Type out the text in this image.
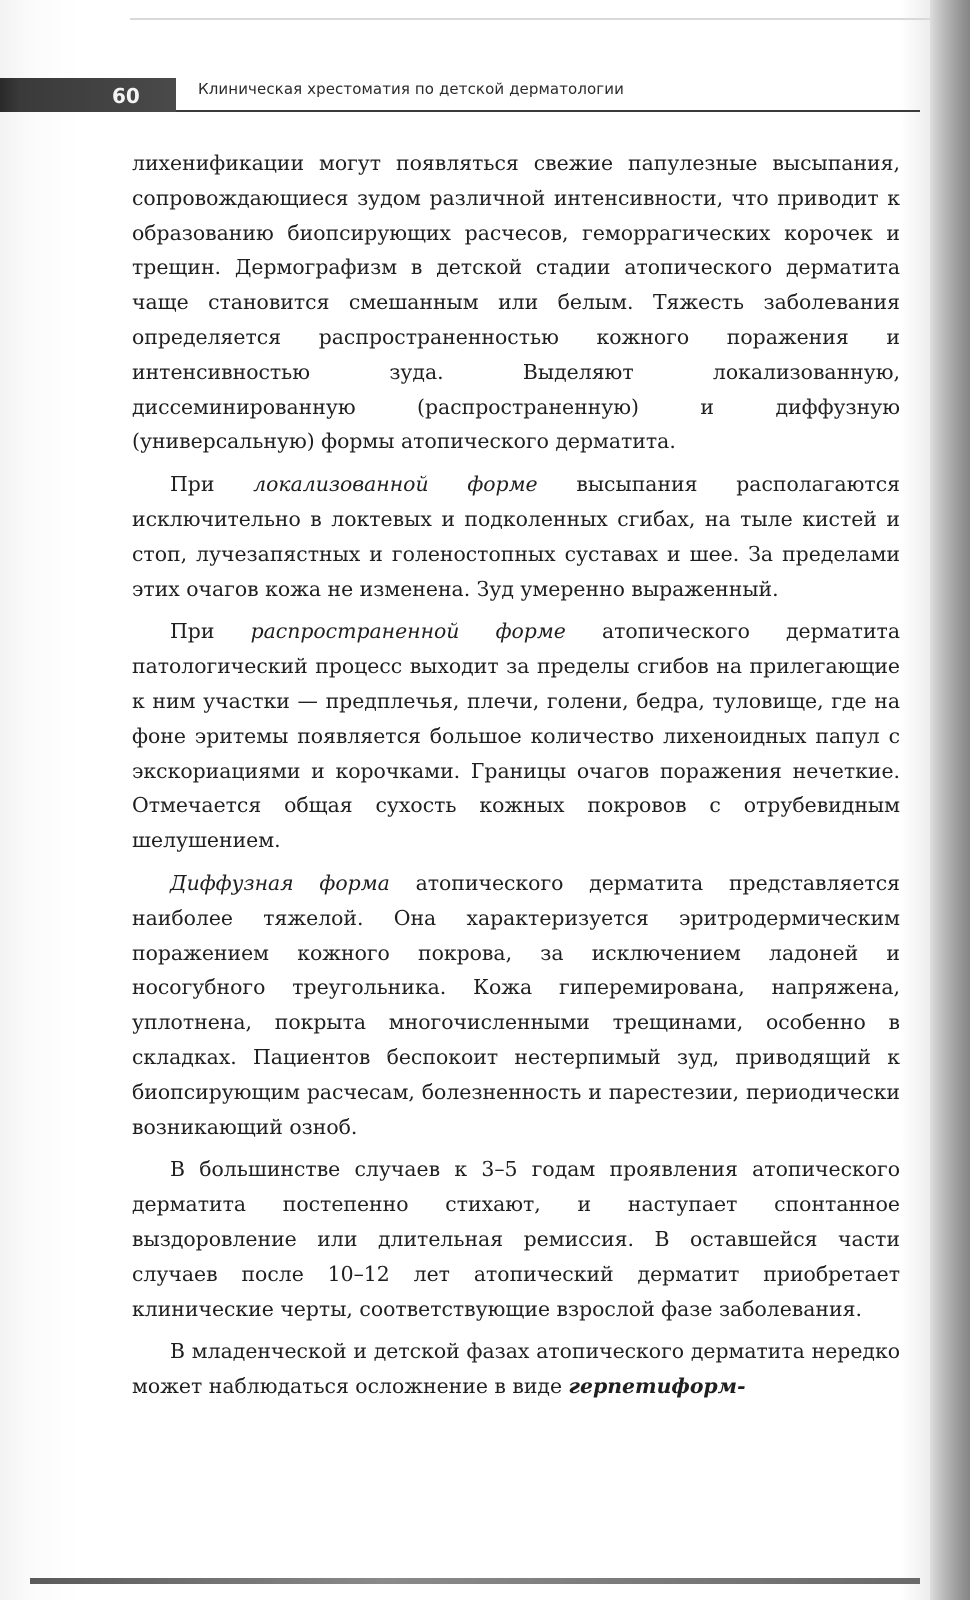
60	Клиническая хрестоматия по детской дерматологии

лихенификации могут появляться свежие папулезные высыпания, сопровождающиеся зудом различной интенсивности, что приводит к образованию биопсирующих расчесов, геморрагических корочек и трещин. Дермографизм в детской стадии атопического дерматита чаще становится смешанным или белым. Тяжесть заболевания определяется распространенностью кожного поражения и интенсивностью зуда. Выделяют локализованную, диссеминированную (распространенную) и диффузную (универсальную) формы атопического дерматита.

При локализованной форме высыпания располагаются исключительно в локтевых и подколенных сгибах, на тыле кистей и стоп, лучезапястных и голеностопных суставах и шее. За пределами этих очагов кожа не изменена. Зуд умеренно выраженный.

При распространенной форме атопического дерматита патологический процесс выходит за пределы сгибов на прилегающие к ним участки — предплечья, плечи, голени, бедра, туловище, где на фоне эритемы появляется большое количество лихеноидных папул с экскориациями и корочками. Границы очагов поражения нечеткие. Отмечается общая сухость кожных покровов с отрубевидным шелушением.

Диффузная форма атопического дерматита представляется наиболее тяжелой. Она характеризуется эритродермическим поражением кожного покрова, за исключением ладоней и носогубного треугольника. Кожа гиперемирована, напряжена, уплотнена, покрыта многочисленными трещинами, особенно в складках. Пациентов беспокоит нестерпимый зуд, приводящий к биопсирующим расчесам, болезненность и парестезии, периодически возникающий озноб.

В большинстве случаев к 3–5 годам проявления атопического дерматита постепенно стихают, и наступает спонтанное выздоровление или длительная ремиссия. В оставшейся части случаев после 10–12 лет атопический дерматит приобретает клинические черты, соответствующие взрослой фазе заболевания.

В младенческой и детской фазах атопического дерматита нередко может наблюдаться осложнение в виде герпетиформ-
